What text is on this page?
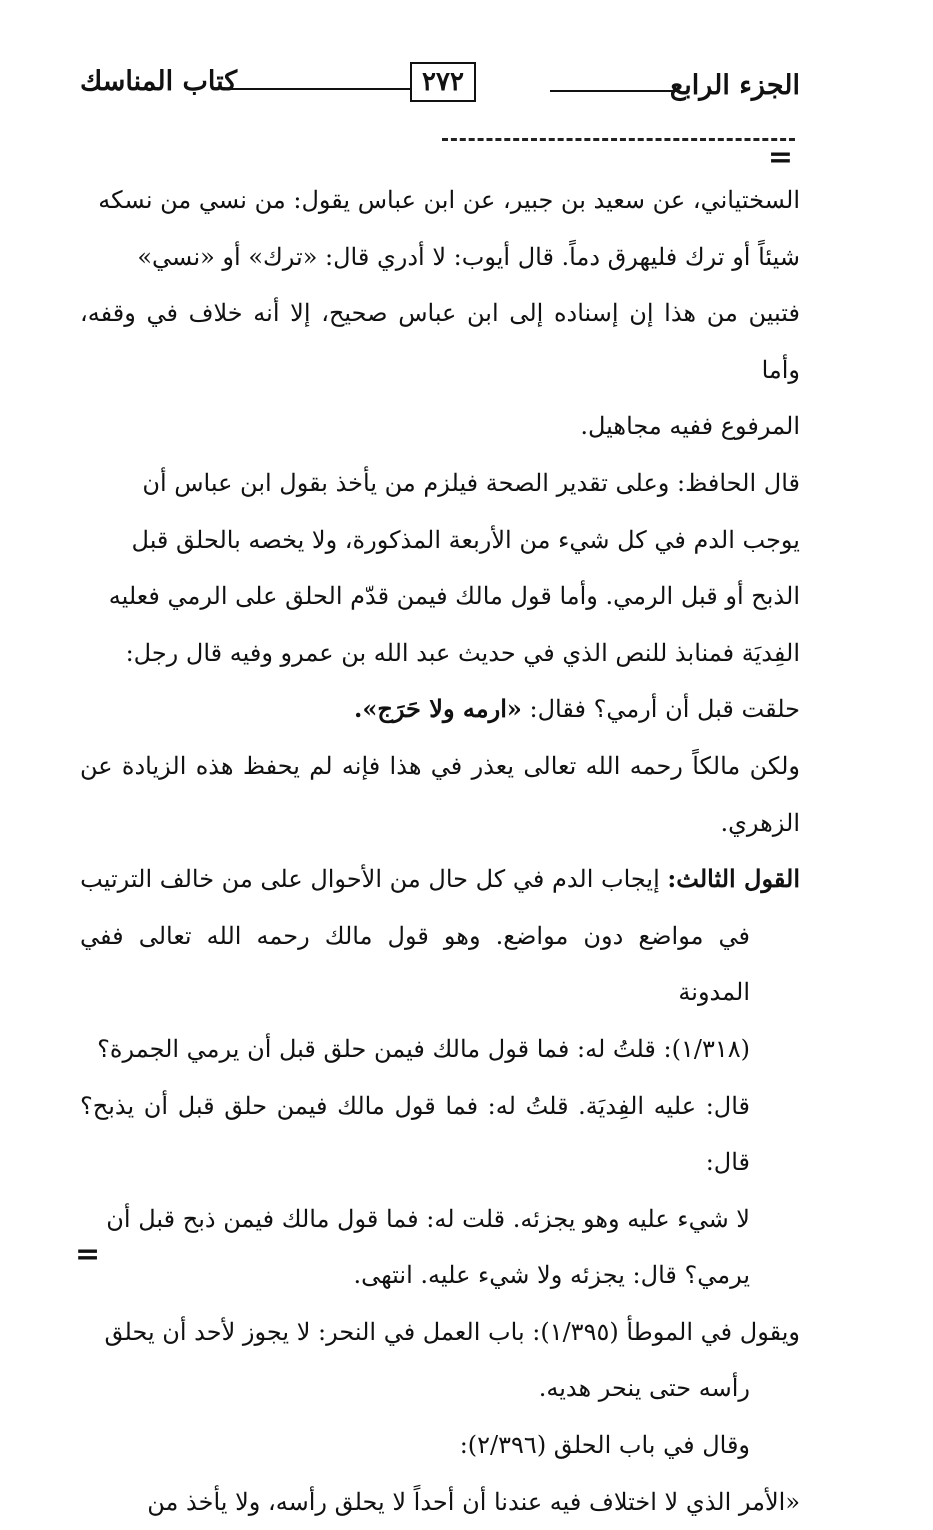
الجزء الرابع
٢٧٢
كتاب المناسك
=

السختياني، عن سعيد بن جبير، عن ابن عباس يقول: من نسي من نسكه

شيئاً أو ترك فليهرق دماً. قال أيوب: لا أدري قال: «ترك» أو «نسي»

فتبين من هذا إن إسناده إلى ابن عباس صحيح، إلا أنه خلاف في وقفه، وأما

المرفوع ففيه مجاهيل.

قال الحافظ: وعلى تقدير الصحة فيلزم من يأخذ بقول ابن عباس أن

يوجب الدم في كل شيء من الأربعة المذكورة، ولا يخصه بالحلق قبل

الذبح أو قبل الرمي. وأما قول مالك فيمن قدّم الحلق على الرمي فعليه

الفِديَة فمنابذ للنص الذي في حديث عبد الله بن عمرو وفيه قال رجل:

حلقت قبل أن أرمي؟ فقال: «ارمه ولا حَرَج».

ولكن مالكاً رحمه الله تعالى يعذر في هذا فإنه لم يحفظ هذه الزيادة عن الزهري.

القول الثالث: إيجاب الدم في كل حال من الأحوال على من خالف الترتيب

في مواضع دون مواضع. وهو قول مالك رحمه الله تعالى ففي المدونة

(١/٣١٨): قلتُ له: فما قول مالك فيمن حلق قبل أن يرمي الجمرة؟

قال: عليه الفِديَة. قلتُ له: فما قول مالك فيمن حلق قبل أن يذبح؟ قال:

لا شيء عليه وهو يجزئه. قلت له: فما قول مالك فيمن ذبح قبل أن

يرمي؟ قال: يجزئه ولا شيء عليه. انتهى.

ويقول في الموطأ (١/٣٩٥): باب العمل في النحر: لا يجوز لأحد أن يحلق

رأسه حتى ينحر هديه.

وقال في باب الحلق (٢/٣٩٦):

«الأمر الذي لا اختلاف فيه عندنا أن أحداً لا يحلق رأسه، ولا يأخذ من

=
